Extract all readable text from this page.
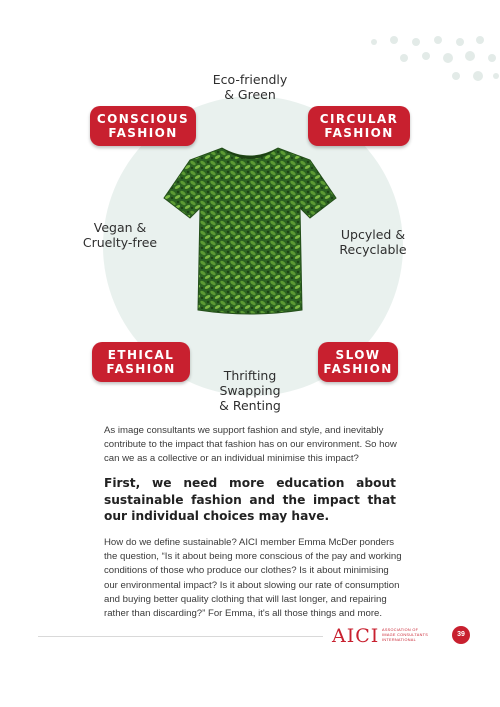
CONSCIOUS
FASHION
CIRCULAR
FASHION
ETHICAL
FASHION
SLOW
FASHION
Eco-friendly
& Green
Vegan &
Cruelty-free
Upcyled &
Recyclable
Thrifting
Swapping
& Renting

As image consultants we support fashion and style, and inevitably contribute to the impact that fashion has on our environment. So how can we as a collective or an individual minimise this impact?

First, we need more education about sustainable fashion and the impact that our individual choices may have.

How do we define sustainable? AICI member Emma McDer ponders the question, “Is it about being more conscious of the pay and working conditions of those who produce our clothes? Is it about minimising our environmental impact? Is it about slowing our rate of consumption and buying better quality clothing that will last longer, and repairing rather than discarding?” For Emma, it's all those things and more.

AICI ASSOCIATION OF
IMAGE CONSULTANTS
INTERNATIONAL
39
